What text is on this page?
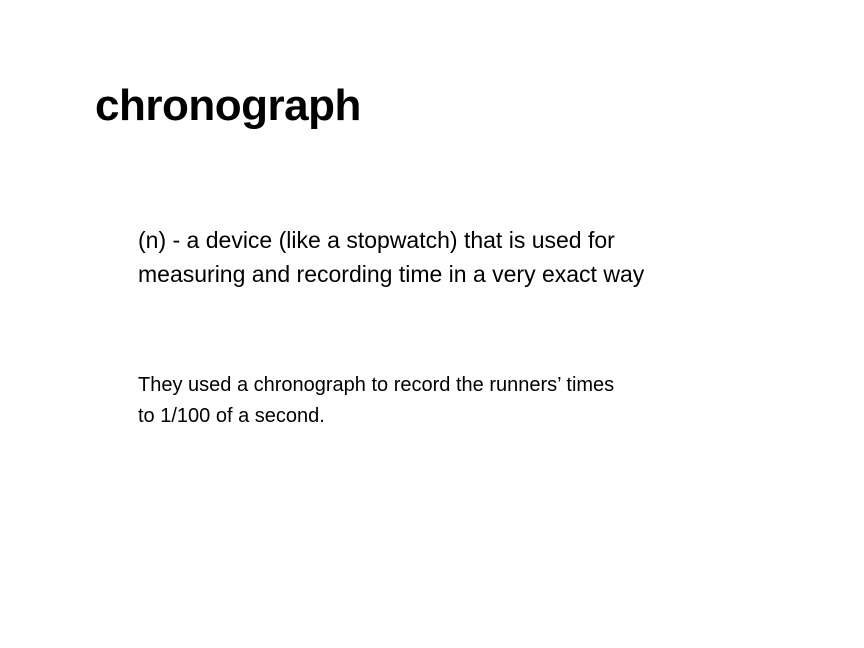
chronograph

(n) - a device (like a stopwatch) that is used for
measuring and recording time in a very exact way

They used a chronograph to record the runners’ times
to 1/100 of a second.
